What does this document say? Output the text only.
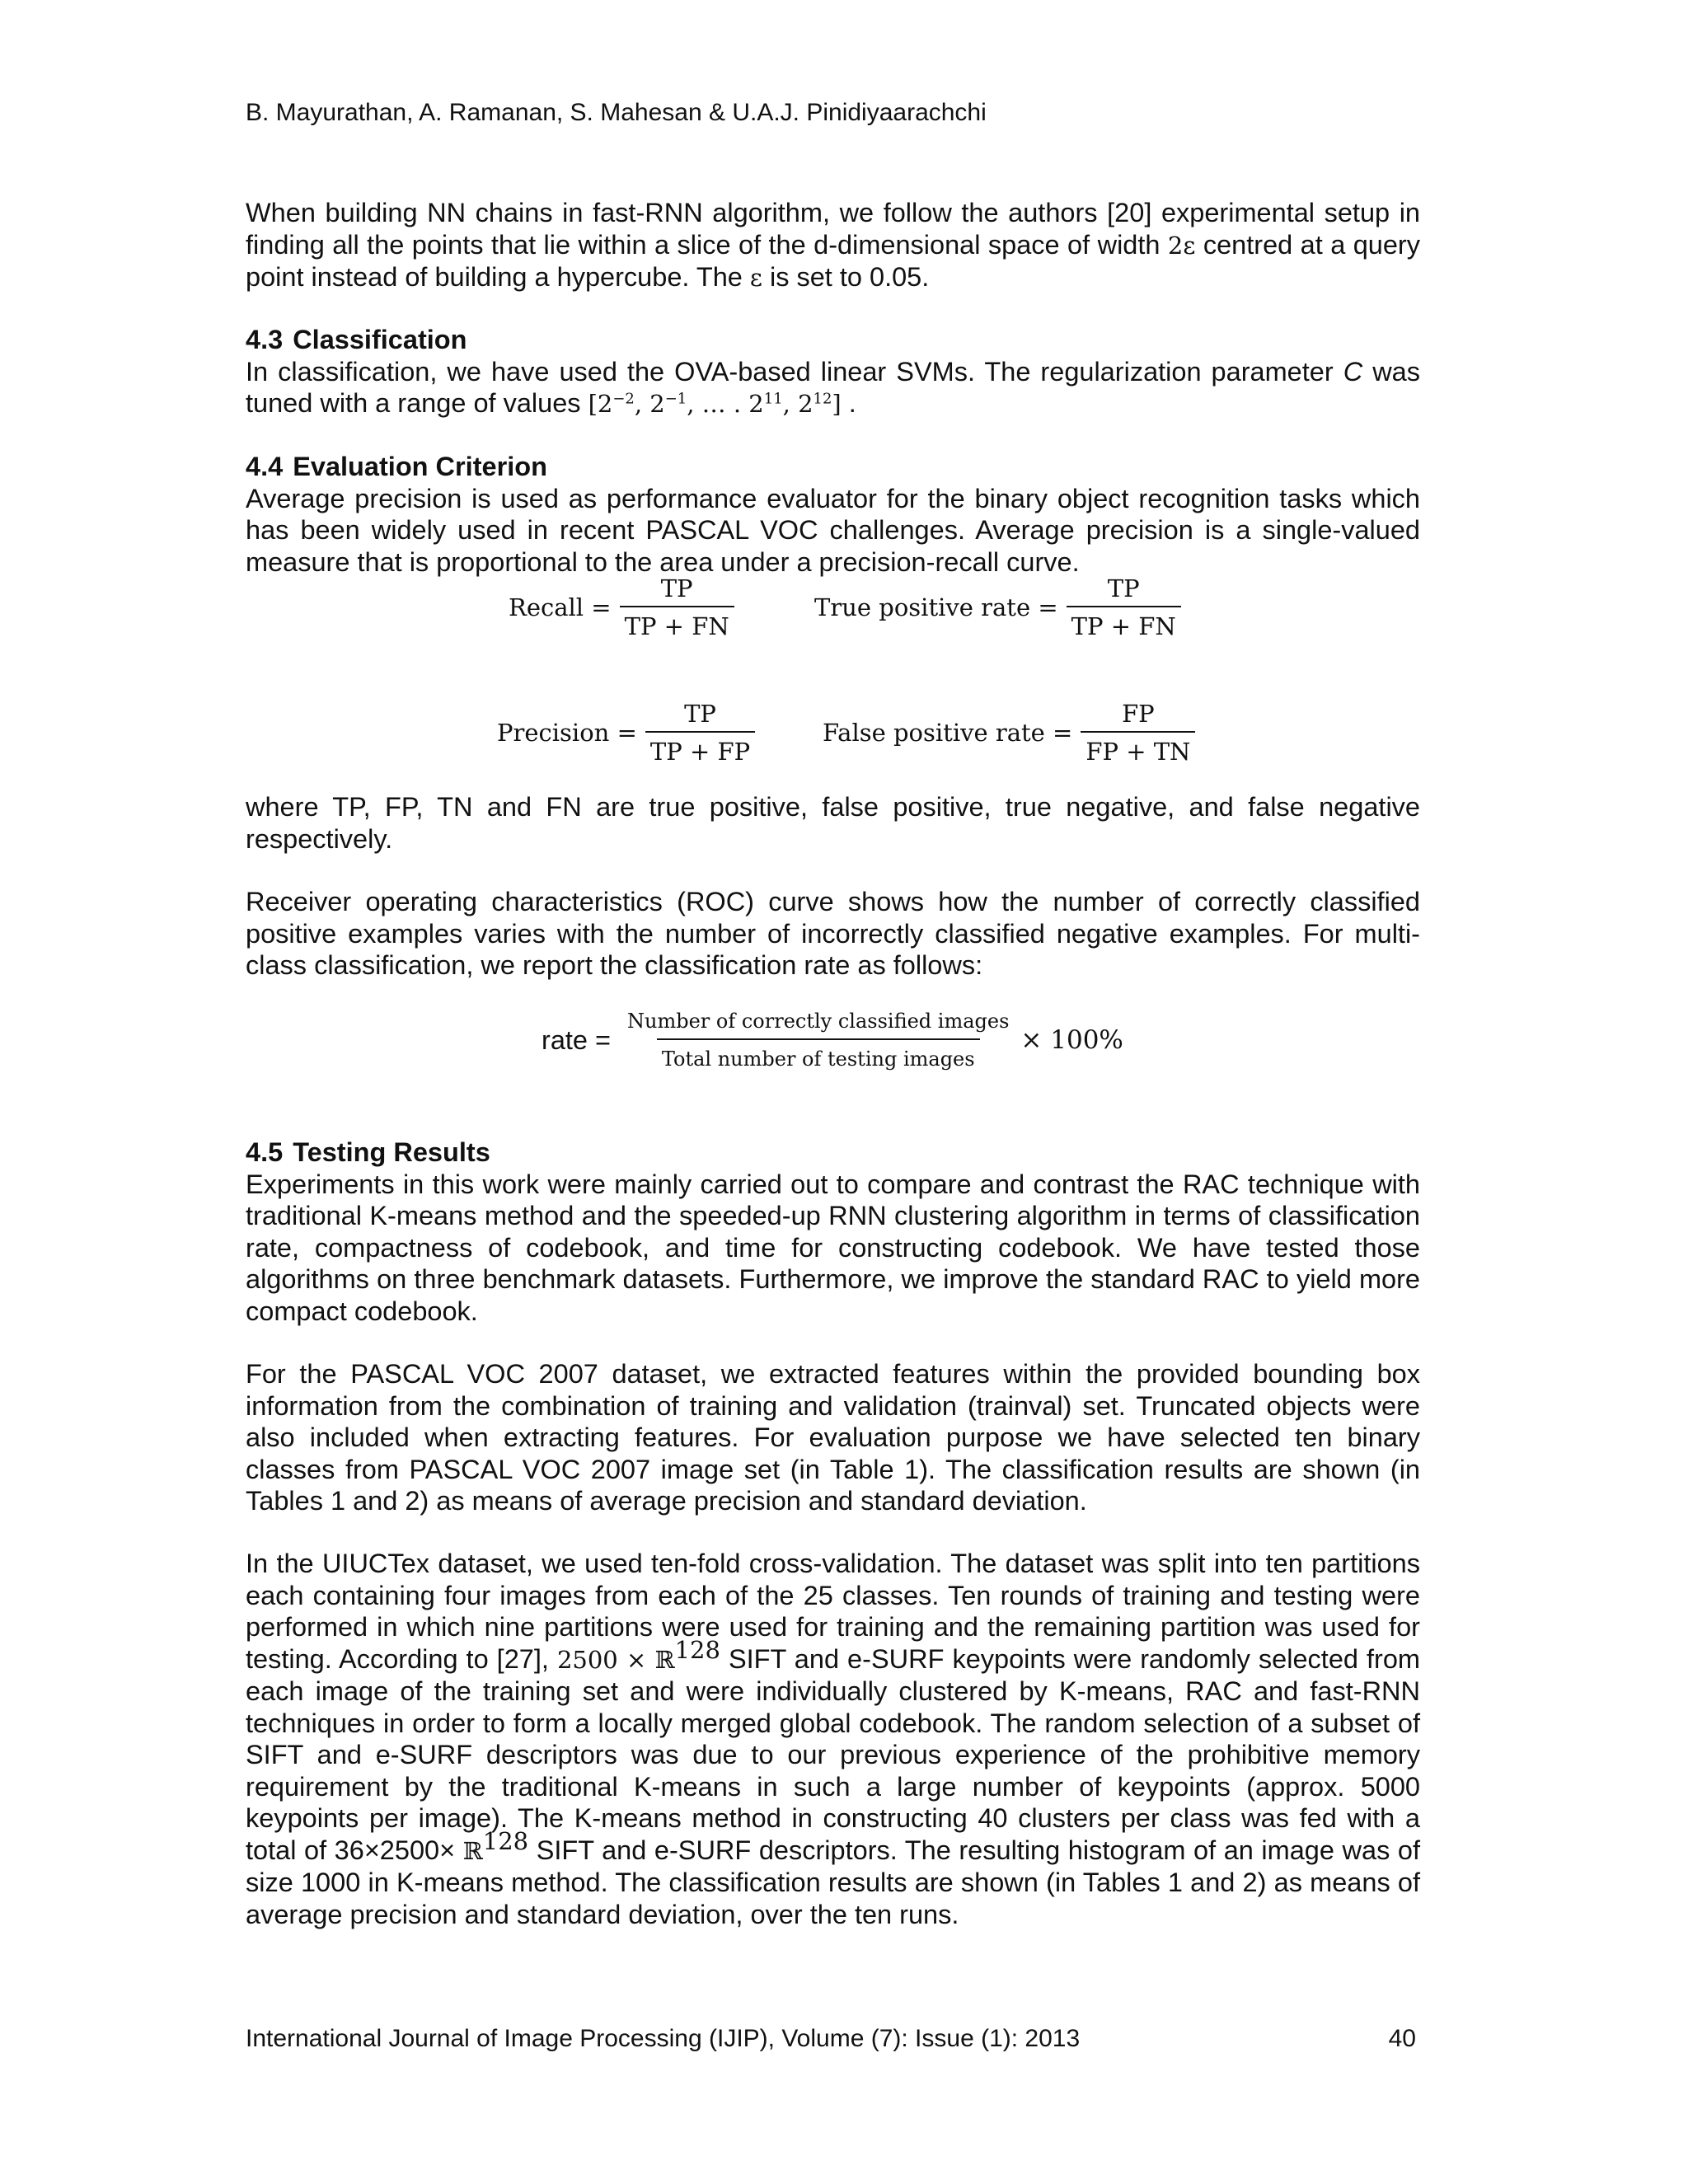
B. Mayurathan, A. Ramanan, S. Mahesan & U.A.J. Pinidiyaarachchi

When building NN chains in fast-RNN algorithm, we follow the authors [20] experimental setup in finding all the points that lie within a slice of the d-dimensional space of width 2ε centred at a query point instead of building a hypercube. The ε is set to 0.05.

4.3 Classification

In classification, we have used the OVA-based linear SVMs. The regularization parameter C was tuned with a range of values [$2^{-2}$, $2^{-1}$, … . $2^{11}$, $2^{12}$] .

4.4 Evaluation Criterion

Average precision is used as performance evaluator for the binary object recognition tasks which has been widely used in recent PASCAL VOC challenges. Average precision is a single-valued measure that is proportional to the area under a precision-recall curve.

Recall = $\frac{TP}{TP + FN}$	True positive rate = $\frac{TP}{TP + FN}$
Precision = $\frac{TP}{TP + FP}$	False positive rate = $\frac{FP}{FP + TN}$

where TP, FP, TN and FN are true positive, false positive, true negative, and false negative respectively.

Receiver operating characteristics (ROC) curve shows how the number of correctly classified positive examples varies with the number of incorrectly classified negative examples. For multi-class classification, we report the classification rate as follows:

rate = $\frac{\text{Number of correctly classified images}}{\text{Total number of testing images}} \times 100\%$

4.5 Testing Results

Experiments in this work were mainly carried out to compare and contrast the RAC technique with traditional K-means method and the speeded-up RNN clustering algorithm in terms of classification rate, compactness of codebook, and time for constructing codebook. We have tested those algorithms on three benchmark datasets. Furthermore, we improve the standard RAC to yield more compact codebook.

For the PASCAL VOC 2007 dataset, we extracted features within the provided bounding box information from the combination of training and validation (trainval) set. Truncated objects were also included when extracting features. For evaluation purpose we have selected ten binary classes from PASCAL VOC 2007 image set (in Table 1). The classification results are shown (in Tables 1 and 2) as means of average precision and standard deviation.

In the UIUCTex dataset, we used ten-fold cross-validation. The dataset was split into ten partitions each containing four images from each of the 25 classes. Ten rounds of training and testing were performed in which nine partitions were used for training and the remaining partition was used for testing. According to [27], 2500 × ℝ$^{128}$ SIFT and e-SURF keypoints were randomly selected from each image of the training set and were individually clustered by K-means, RAC and fast-RNN techniques in order to form a locally merged global codebook. The random selection of a subset of SIFT and e-SURF descriptors was due to our previous experience of the prohibitive memory requirement by the traditional K-means in such a large number of keypoints (approx. 5000 keypoints per image). The K-means method in constructing 40 clusters per class was fed with a total of 36×2500× ℝ$^{128}$ SIFT and e-SURF descriptors. The resulting histogram of an image was of size 1000 in K-means method. The classification results are shown (in Tables 1 and 2) as means of average precision and standard deviation, over the ten runs.

International Journal of Image Processing (IJIP), Volume (7): Issue (1): 2013	40
